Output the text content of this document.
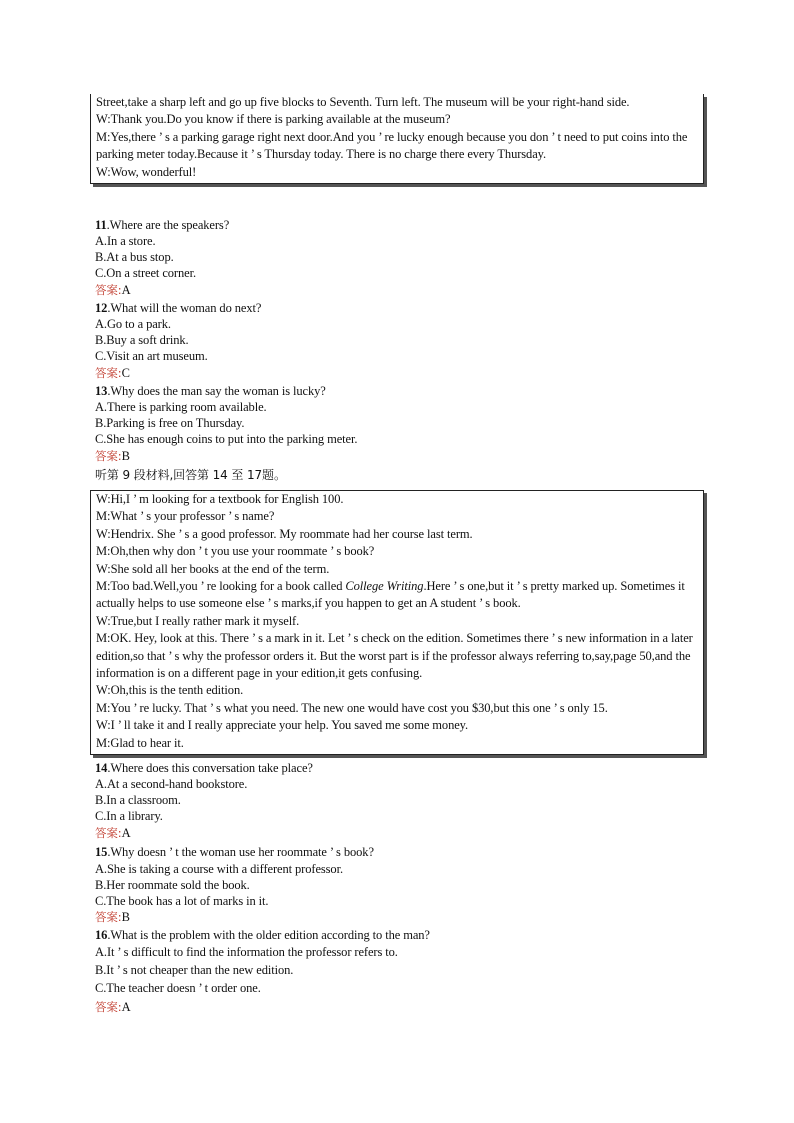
Street,take a sharp left and go up five blocks to Seventh. Turn left. The museum will be your right-hand side.
W:Thank you.Do you know if there is parking available at the museum?
M:Yes,there ’ s a parking garage right next door.And you ’ re lucky enough because you don ’ t need to put coins into the parking meter today.Because it ’ s Thursday today. There is no charge there every Thursday.
W:Wow, wonderful!
11.Where are the speakers?
A.In a store.
B.At a bus stop.
C.On a street corner.
答案:A
12.What will the woman do next?
A.Go to a park.
B.Buy a soft drink.
C.Visit an art museum.
答案:C
13.Why does the man say the woman is lucky?
A.There is parking room available.
B.Parking is free on Thursday.
C.She has enough coins to put into the parking meter.
答案:B
听第 9 段材料,回答第 14 至 17题。
W:Hi,I ’ m looking for a textbook for English 100.
M:What ’ s your professor ’ s name?
W:Hendrix. She ’ s a good professor. My roommate had her course last term.
M:Oh,then why don ’ t you use your roommate ’ s book?
W:She sold all her books at the end of the term.
M:Too bad.Well,you ’ re looking for a book called College Writing.Here ’ s one,but it ’ s pretty marked up. Sometimes it actually helps to use someone else ’ s marks,if you happen to get an A student ’ s book.
W:True,but I really rather mark it myself.
M:OK. Hey, look at this. There ’ s a mark in it. Let ’ s check on the edition. Sometimes there ’ s new information in a later edition,so that ’ s why the professor orders it. But the worst part is if the professor always referring to,say,page 50,and the information is on a different page in your edition,it gets confusing.
W:Oh,this is the tenth edition.
M:You ’ re lucky. That ’ s what you need. The new one would have cost you $30,but this one ’ s only 15.
W:I ’ ll take it and I really appreciate your help. You saved me some money.
M:Glad to hear it.
14.Where does this conversation take place?
A.At a second-hand bookstore.
B.In a classroom.
C.In a library.
答案:A
15.Why doesn ’ t the woman use her roommate ’ s book?
A.She is taking a course with a different professor.
B.Her roommate sold the book.
C.The book has a lot of marks in it.
答案:B
16.What is the problem with the older edition according to the man?
A.It ’ s difficult to find the information the professor refers to.
B.It ’ s not cheaper than the new edition.
C.The teacher doesn ’ t order one.
答案:A
